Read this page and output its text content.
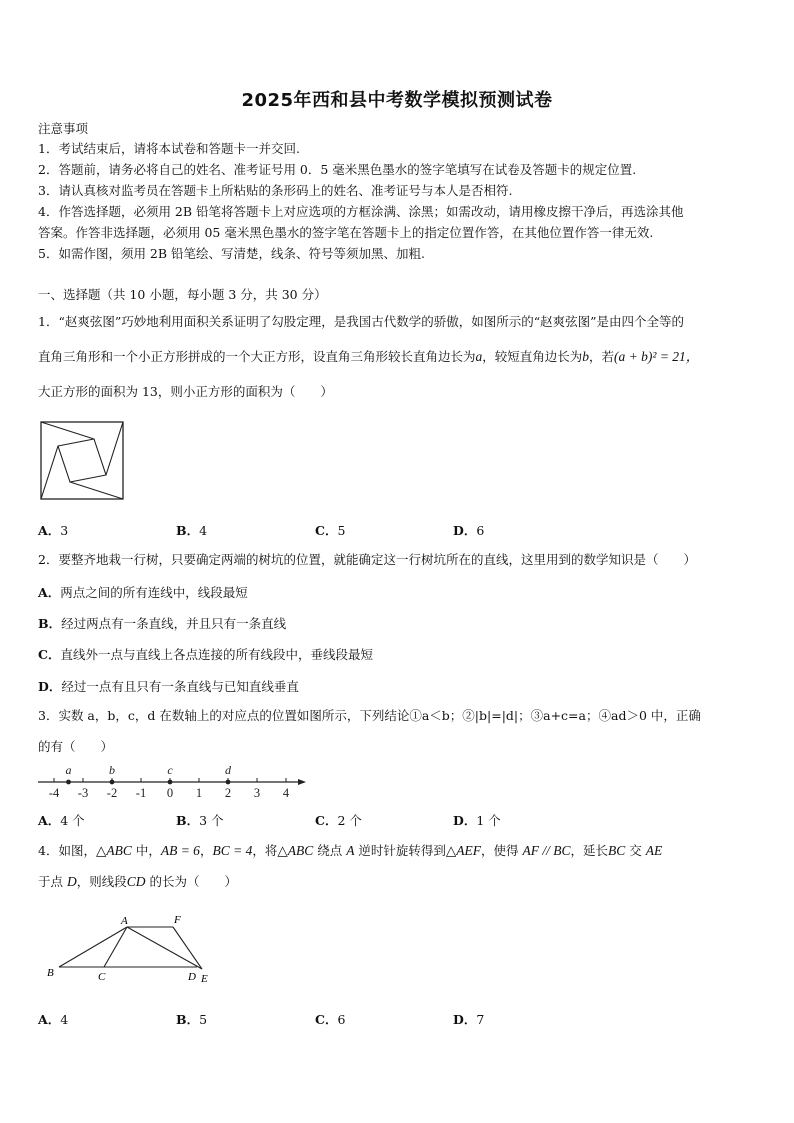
2025年西和县中考数学模拟预测试卷
注意事项
1．考试结束后，请将本试卷和答题卡一并交回.
2．答题前，请务必将自己的姓名、准考证号用 0．5 毫米黑色墨水的签字笔填写在试卷及答题卡的规定位置.
3．请认真核对监考员在答题卡上所粘贴的条形码上的姓名、准考证号与本人是否相符.
4．作答选择题，必须用 2B 铅笔将答题卡上对应选项的方框涂满、涂黑；如需改动，请用橡皮擦干净后，再选涂其他
答案。作答非选择题，必须用 05 毫米黑色墨水的签字笔在答题卡上的指定位置作答，在其他位置作答一律无效.
5．如需作图，须用 2B 铅笔绘、写清楚，线条、符号等须加黑、加粗.
一、选择题（共 10 小题，每小题 3 分，共 30 分）
1．“赵爽弦图”巧妙地利用面积关系证明了勾股定理，是我国古代数学的骄傲，如图所示的“赵爽弦图”是由四个全等的
直角三角形和一个小正方形拼成的一个大正方形，设直角三角形较长直角边长为a，较短直角边长为b，若(a + b)² = 21，
大正方形的面积为 13，则小正方形的面积为（　　）
A．3	B．4	C．5	D．6
2．要整齐地栽一行树，只要确定两端的树坑的位置，就能确定这一行树坑所在的直线，这里用到的数学知识是（　　）
A．两点之间的所有连线中，线段最短
B．经过两点有一条直线，并且只有一条直线
C．直线外一点与直线上各点连接的所有线段中，垂线段最短
D．经过一点有且只有一条直线与已知直线垂直
3．实数 a，b，c，d 在数轴上的对应点的位置如图所示，下列结论①a＜b；②|b|=|d|；③a+c=a；④ad＞0 中，正确
的有（　　）
-4 -3 -2 -1 0 1 2 3 4
a	b	c	d
A．4 个	B．3 个	C．2 个	D．1 个
4．如图，△ABC 中，AB = 6，BC = 4，将△ABC 绕点 A 逆时针旋转得到△AEF，使得 AF // BC，延长BC 交 AE
于点 D，则线段CD 的长为（　　）
A	F
B	C	D E
A．4	B．5	C．6	D．7
